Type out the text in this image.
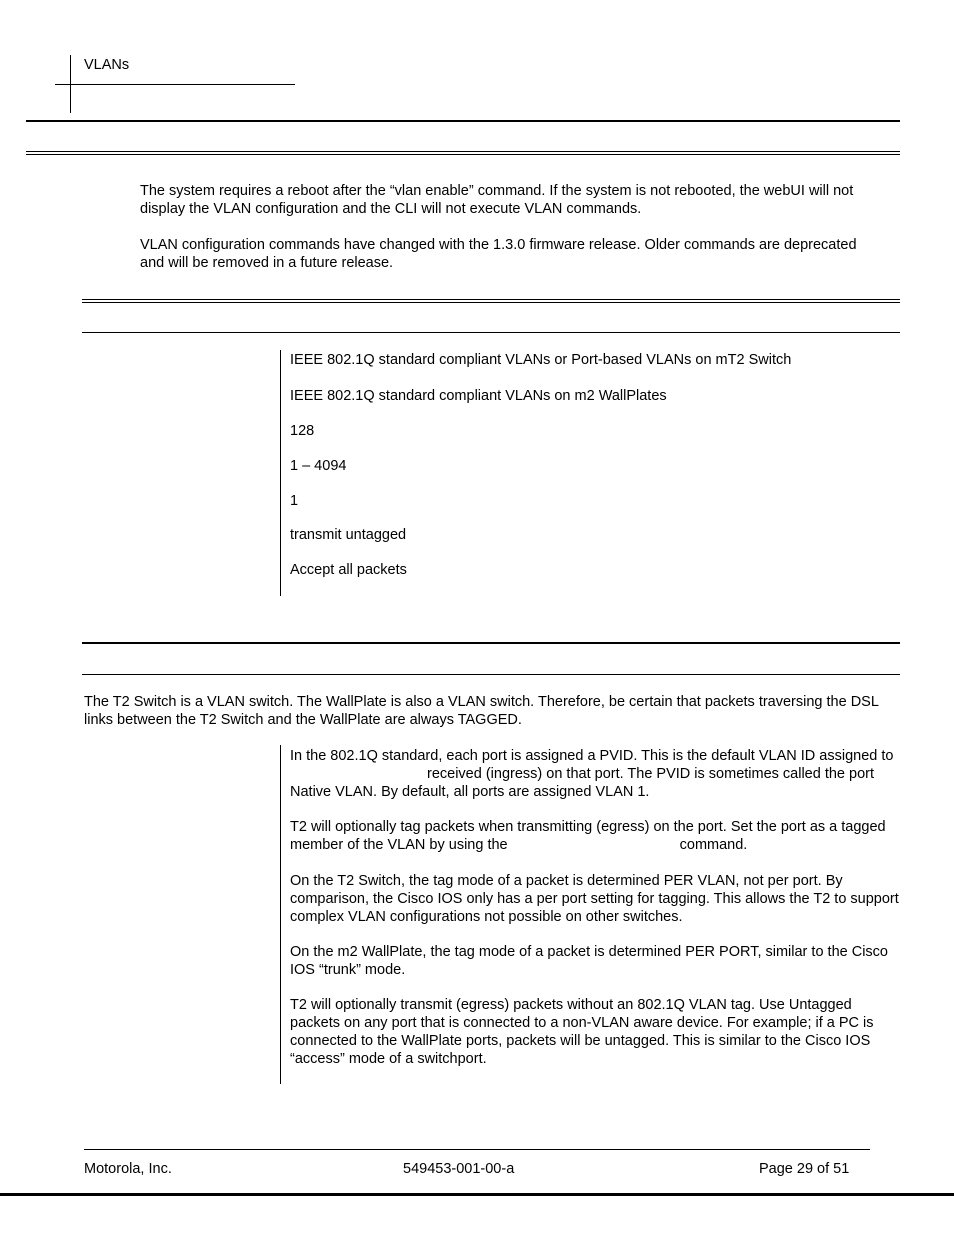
VLANs
The system requires a reboot after the “vlan enable” command. If the system is not rebooted, the webUI will not display the VLAN configuration and the CLI will not execute VLAN commands.
VLAN configuration commands have changed with the 1.3.0 firmware release. Older commands are deprecated and will be removed in a future release.
IEEE 802.1Q standard compliant VLANs or Port-based VLANs on mT2 Switch
IEEE 802.1Q standard compliant VLANs on m2 WallPlates
128
1 – 4094
1
transmit untagged
Accept all packets
The T2 Switch is a VLAN switch. The WallPlate is also a VLAN switch. Therefore, be certain that packets traversing the DSL links between the T2 Switch and the WallPlate are always TAGGED.
In the 802.1Q standard, each port is assigned a PVID. This is the default VLAN ID assigned toreceived (ingress) on that port. The PVID is sometimes called the port Native VLAN. By default, all ports are assigned VLAN 1.
T2 will optionally tag packets when transmitting (egress) on the port. Set the port as a tagged member of the VLAN by using the	command.
On the T2 Switch, the tag mode of a packet is determined PER VLAN, not per port. By comparison, the Cisco IOS only has a per port setting for tagging. This allows the T2 to support complex VLAN configurations not possible on other switches.
On the m2 WallPlate, the tag mode of a packet is determined PER PORT, similar to the Cisco IOS “trunk” mode.
T2 will optionally transmit (egress) packets without an 802.1Q VLAN tag. Use Untagged packets on any port that is connected to a non-VLAN aware device. For example; if a PC is connected to the WallPlate ports, packets will be untagged. This is similar to the Cisco IOS “access” mode of a switchport.
Motorola, Inc.	549453-001-00-a	Page 29 of 51
